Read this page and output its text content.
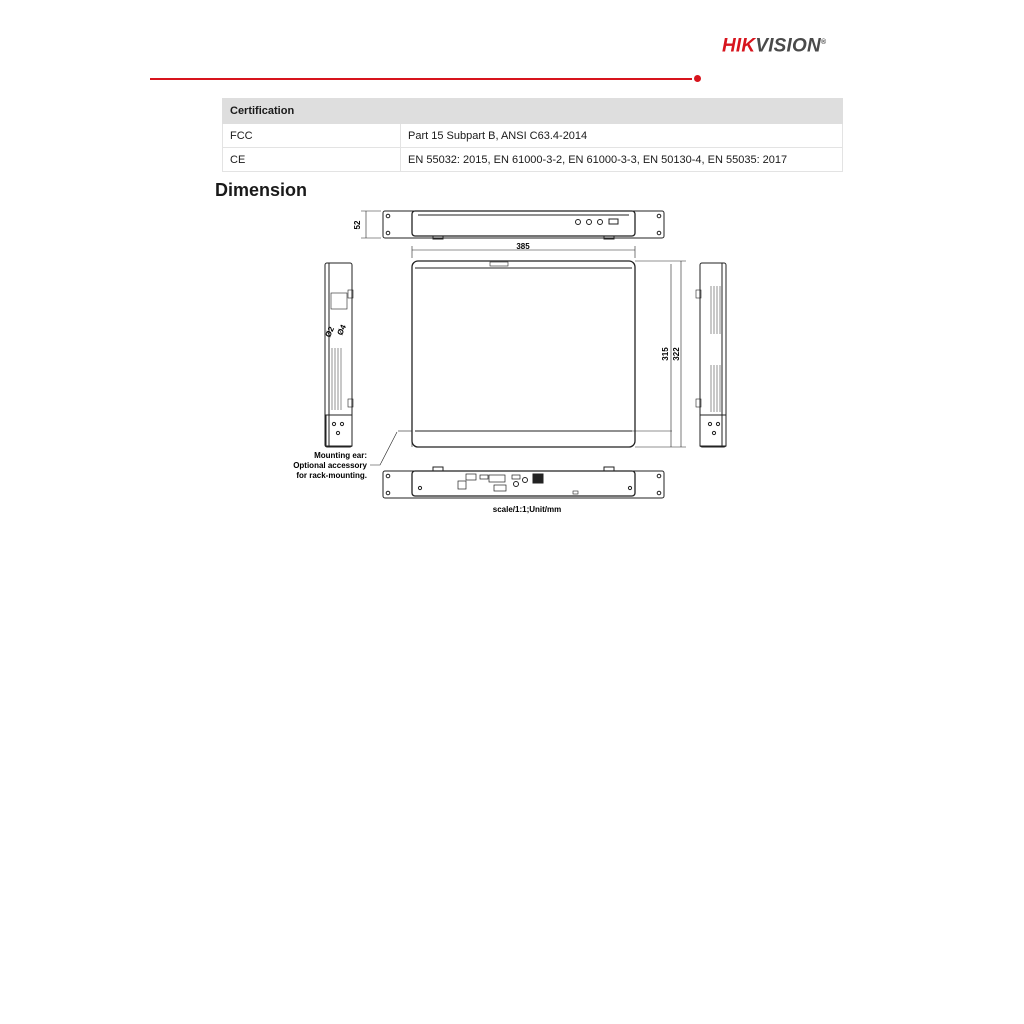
HIKVISION®
Certification	
FCC	Part 15 Subpart B, ANSI C63.4-2014
CE	EN 55032: 2015, EN 61000-3-2, EN 61000-3-3, EN 50130-4, EN 55035: 2017
Dimension
52
385
315 322
Ø2 Ø4
Mounting ear:
Optional accessory
for rack-mounting.
scale/1:1;Unit/mm
